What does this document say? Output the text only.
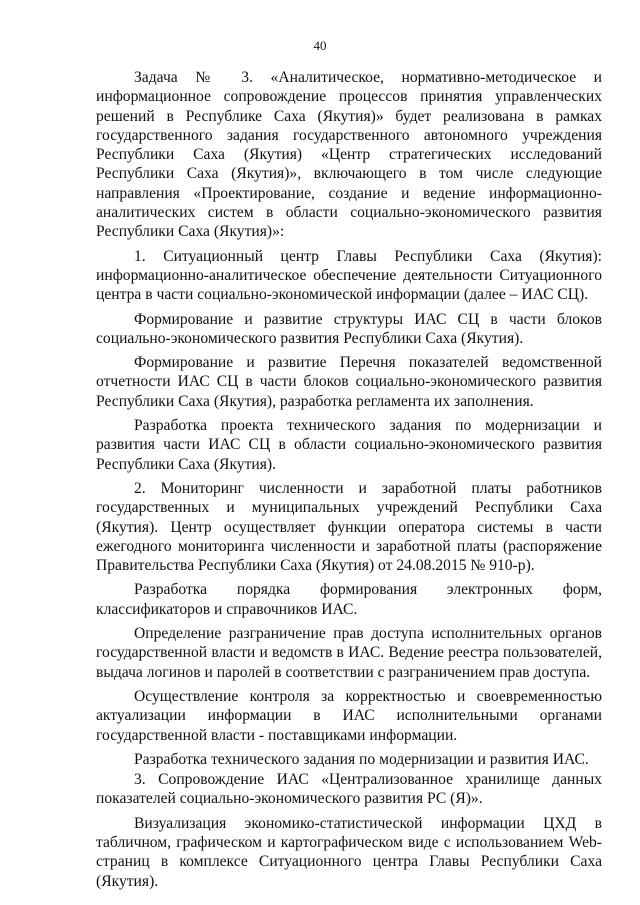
40

Задача № 3. «Аналитическое, нормативно-методическое и информационное сопровождение процессов принятия управленческих решений в Республике Саха (Якутия)» будет реализована в рамках государственного задания государственного автономного учреждения Республики Саха (Якутия) «Центр стратегических исследований Республики Саха (Якутия)», включающего в том числе следующие направления «Проектирование, создание и ведение информационно-аналитических систем в области социально-экономического развития Республики Саха (Якутия)»:

1. Ситуационный центр Главы Республики Саха (Якутия): информационно-аналитическое обеспечение деятельности Ситуационного центра в части социально-экономической информации (далее – ИАС СЦ).

Формирование и развитие структуры ИАС СЦ в части блоков социально-экономического развития Республики Саха (Якутия).

Формирование и развитие Перечня показателей ведомственной отчетности ИАС СЦ в части блоков социально-экономического развития Республики Саха (Якутия), разработка регламента их заполнения.

Разработка проекта технического задания по модернизации и развития части ИАС СЦ в области социально-экономического развития Республики Саха (Якутия).

2. Мониторинг численности и заработной платы работников государственных и муниципальных учреждений Республики Саха (Якутия). Центр осуществляет функции оператора системы в части ежегодного мониторинга численности и заработной платы (распоряжение Правительства Республики Саха (Якутия) от 24.08.2015 № 910-р).

Разработка порядка формирования электронных форм, классификаторов и справочников ИАС.

Определение разграничение прав доступа исполнительных органов государственной власти и ведомств в ИАС. Ведение реестра пользователей, выдача логинов и паролей в соответствии с разграничением прав доступа.

Осуществление контроля за корректностью и своевременностью актуализации информации в ИАС исполнительными органами государственной власти - поставщиками информации.

Разработка технического задания по модернизации и развития ИАС.

3. Сопровождение ИАС «Централизованное хранилище данных показателей социально-экономического развития РС (Я)».

Визуализация экономико-статистической информации ЦХД в табличном, графическом и картографическом виде с использованием Web-страниц в комплексе Ситуационного центра Главы Республики Саха (Якутия).
